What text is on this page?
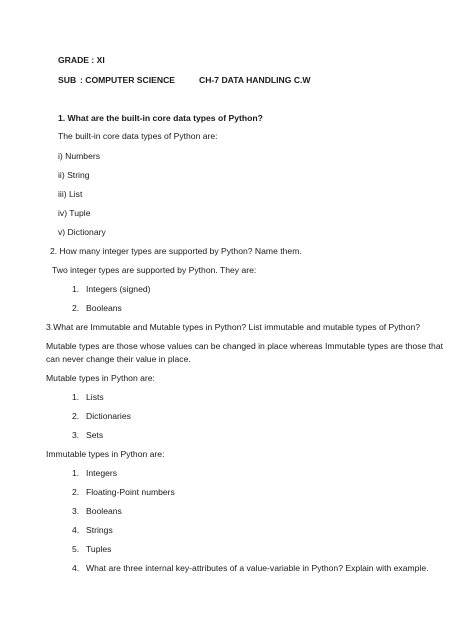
GRADE : XI
SUB : COMPUTER SCIENCE	CH-7 DATA HANDLING C.W
1. What are the built-in core data types of Python?
The built-in core data types of Python are:
i) Numbers
ii) String
iii) List
iv) Tuple
v) Dictionary
2. How many integer types are supported by Python? Name them.
Two integer types are supported by Python. They are:
1. Integers (signed)
2. Booleans
3.What are Immutable and Mutable types in Python? List immutable and mutable types of Python?
Mutable types are those whose values can be changed in place whereas Immutable types are those that
can never change their value in place.
Mutable types in Python are:
1. Lists
2. Dictionaries
3. Sets
Immutable types in Python are:
1. Integers
2. Floating-Point numbers
3. Booleans
4. Strings
5. Tuples
4. What are three internal key-attributes of a value-variable in Python? Explain with example.
